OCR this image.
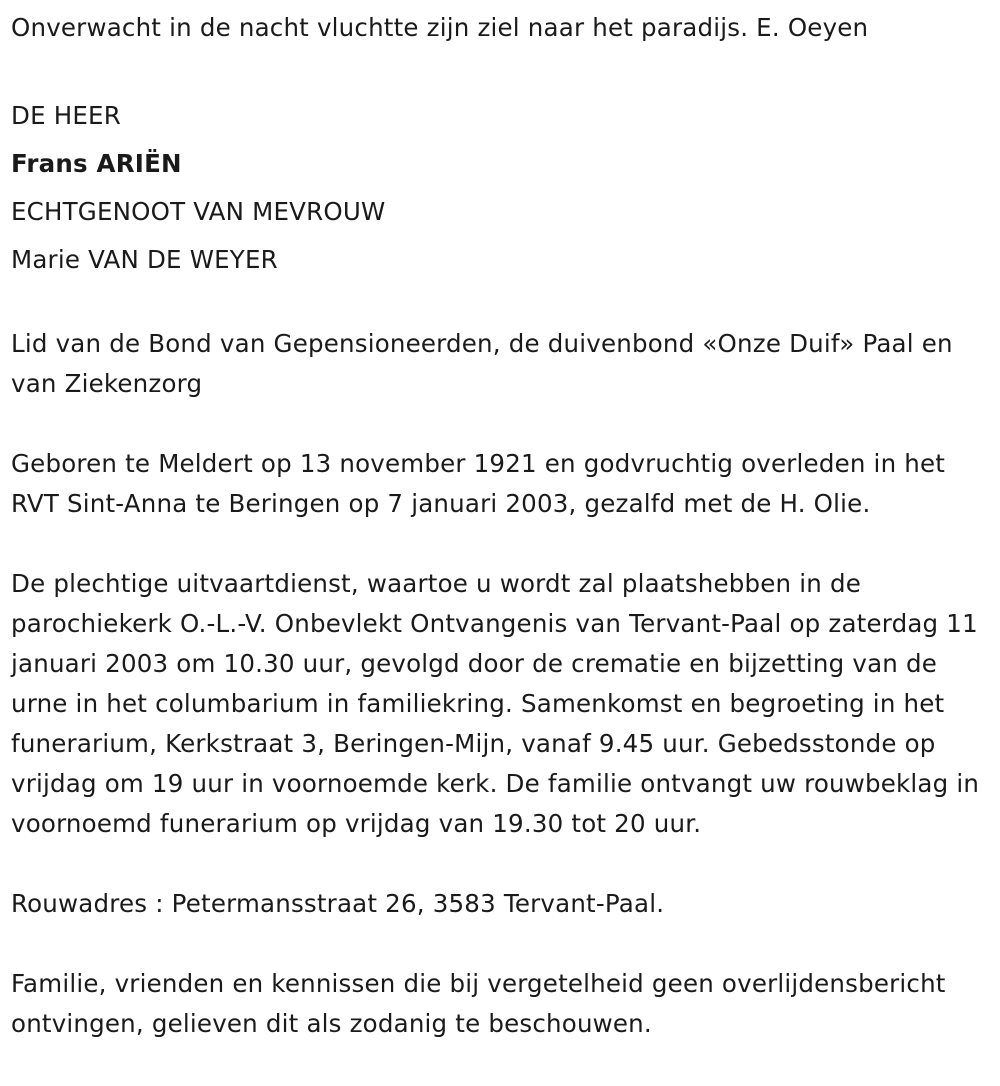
Onverwacht in de nacht vluchtte zijn ziel naar het paradijs. E. Oeyen

DE HEER

Frans ARIËN

ECHTGENOOT VAN MEVROUW

Marie VAN DE WEYER

Lid van de Bond van Gepensioneerden, de duivenbond «Onze Duif» Paal en van Ziekenzorg

Geboren te Meldert op 13 november 1921 en godvruchtig overleden in het RVT Sint-Anna te Beringen op 7 januari 2003, gezalfd met de H. Olie.

De plechtige uitvaartdienst, waartoe u wordt zal plaatshebben in de parochiekerk O.-L.-V. Onbevlekt Ontvangenis van Tervant-Paal op zaterdag 11 januari 2003 om 10.30 uur, gevolgd door de crematie en bijzetting van de urne in het columbarium in familiekring. Samenkomst en begroeting in het funerarium, Kerkstraat 3, Beringen-Mijn, vanaf 9.45 uur. Gebedsstonde op vrijdag om 19 uur in voornoemde kerk. De familie ontvangt uw rouwbeklag in voornoemd funerarium op vrijdag van 19.30 tot 20 uur.

Rouwadres : Petermansstraat 26, 3583 Tervant-Paal.

Familie, vrienden en kennissen die bij vergetelheid geen overlijdensbericht ontvingen, gelieven dit als zodanig te beschouwen.
